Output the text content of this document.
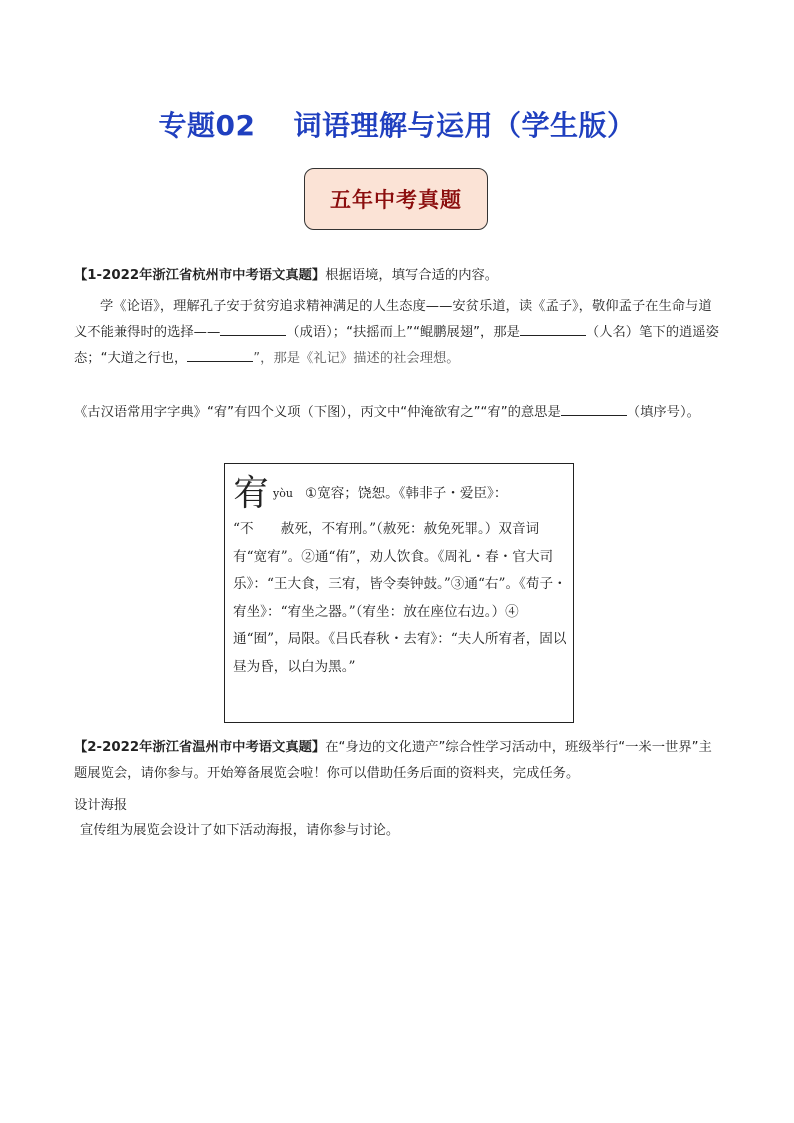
专题02 词语理解与运用（学生版）
五年中考真题

【1-2022年浙江省杭州市中考语文真题】根据语境，填写合适的内容。

学《论语》，理解孔子安于贫穷追求精神满足的人生态度——安贫乐道，读《孟子》，敬仰孟子在生命与道义不能兼得时的选择——	（成语）；“扶摇而上”“鲲鹏展翅”，那是	（人名）笔下的逍遥姿态；“大道之行也，	”，那是《礼记》描述的社会理想。

《古汉语常用字字典》“宥”有四个义项（下图），丙文中“仲淹欲宥之”“宥”的意思是	（填序号）。

宥yòu ①宽容；饶恕。《韩非子・爱臣》：
“不　　赦死，不宥刑。”（赦死：赦免死罪。）双音词有“宽宥”。②通“侑”，劝人饮食。《周礼・春・官大司乐》：“王大食，三宥，皆令奏钟鼓。”③通“右”。《荀子・宥坐》：“宥坐之器。”（宥坐：放在座位右边。）④通“囿”，局限。《吕氏春秋・去宥》：“夫人所宥者，固以昼为昏，以白为黑。”

【2-2022年浙江省温州市中考语文真题】在“身边的文化遗产”综合性学习活动中，班级举行“一米一世界”主题展览会，请你参与。开始筹备展览会啦！你可以借助任务后面的资料夹，完成任务。

设计海报

宣传组为展览会设计了如下活动海报，请你参与讨论。
